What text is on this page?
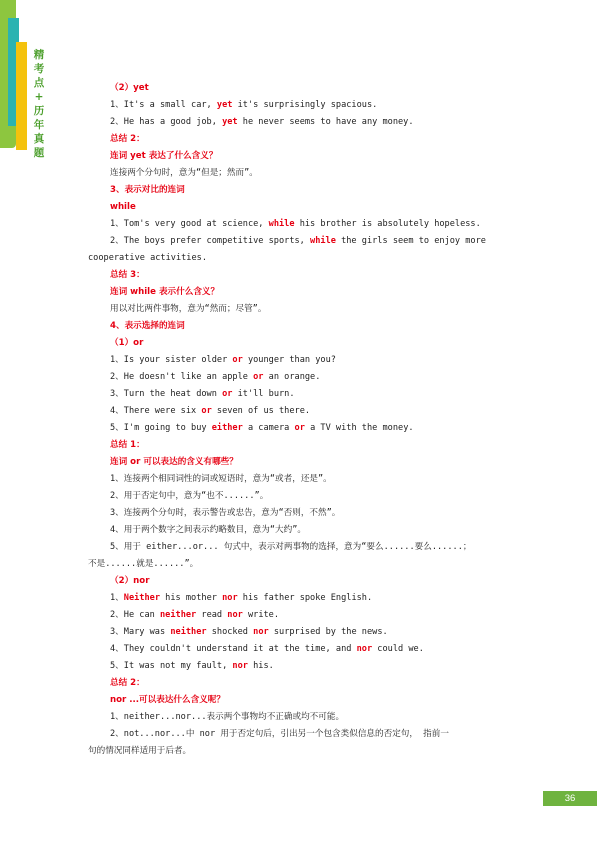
精
考
点
+
历
年
真
题
（2）yet
1、It's a small car, yet it's surprisingly spacious.
2、He has a good job, yet he never seems to have any money.
总结 2：
连词 yet 表达了什么含义？
连接两个分句时，意为“但是；然而”。
3、表示对比的连词
while
1、Tom's very good at science, while his brother is absolutely hopeless.
2、The boys prefer competitive sports, while the girls seem to enjoy more
cooperative activities.
总结 3：
连词 while 表示什么含义？
用以对比两件事物，意为“然而；尽管”。
4、表示选择的连词
（1）or
1、Is your sister older or younger than you?
2、He doesn't like an apple or an orange.
3、Turn the heat down or it'll burn.
4、There were six or seven of us there.
5、I'm going to buy either a camera or a TV with the money.
总结 1：
连词 or 可以表达的含义有哪些？
1、连接两个相同词性的词或短语时，意为“或者，还是”。
2、用于否定句中，意为“也不......”。
3、连接两个分句时，表示警告或忠告，意为“否则，不然”。
4、用于两个数字之间表示约略数目，意为“大约”。
5、用于 either...or... 句式中，表示对两事物的选择，意为“要么......要么......；
不是......就是......”。
（2）nor
1、Neither his mother nor his father spoke English.
2、He can neither read nor write.
3、Mary was neither shocked nor surprised by the news.
4、They couldn't understand it at the time, and nor could we.
5、It was not my fault, nor his.
总结 2：
nor ...可以表达什么含义呢？
1、neither...nor...表示两个事物均不正确或均不可能。
2、not...nor...中 nor 用于否定句后，引出另一个包含类似信息的否定句， 指前一
句的情况同样适用于后者。
36
